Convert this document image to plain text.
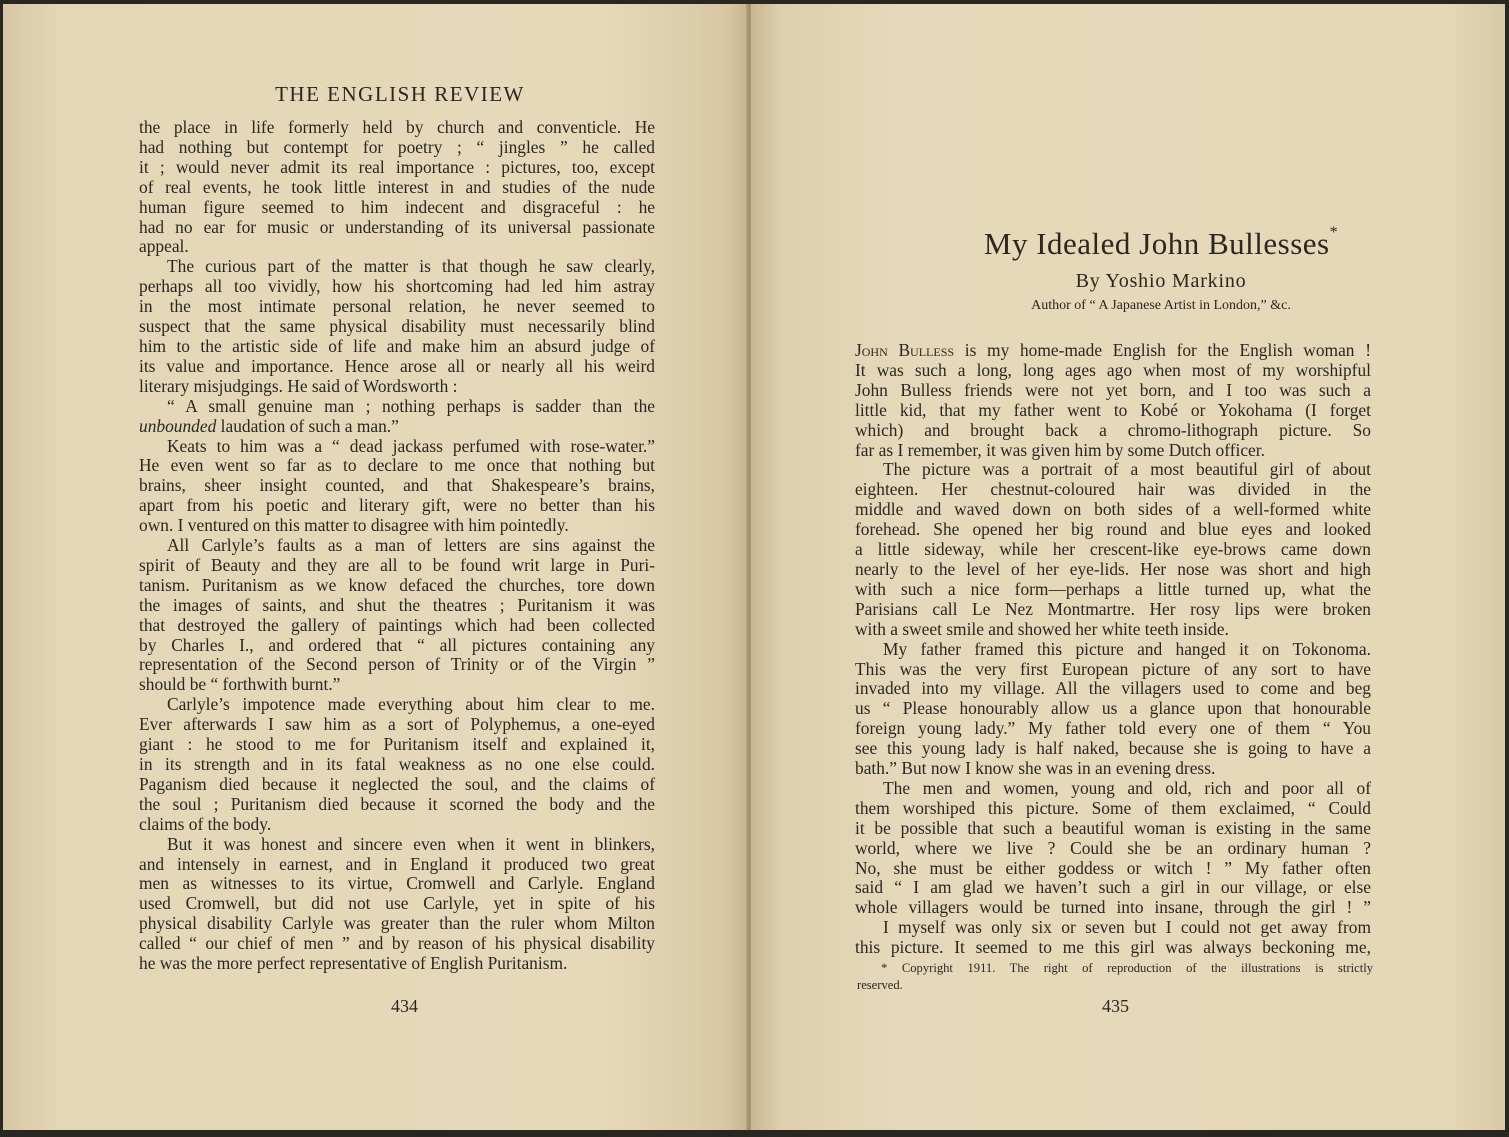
THE ENGLISH REVIEW
the place in life formerly held by church and conventicle. He
had nothing but contempt for poetry ; “ jingles ” he called
it ; would never admit its real importance : pictures, too, except
of real events, he took little interest in and studies of the nude
human figure seemed to him indecent and disgraceful : he
had no ear for music or understanding of its universal passionate
appeal.
The curious part of the matter is that though he saw clearly,
perhaps all too vividly, how his shortcoming had led him astray
in the most intimate personal relation, he never seemed to
suspect that the same physical disability must necessarily blind
him to the artistic side of life and make him an absurd judge of
its value and importance. Hence arose all or nearly all his weird
literary misjudgings. He said of Wordsworth :
“ A small genuine man ; nothing perhaps is sadder than the
unbounded laudation of such a man.”
Keats to him was a “ dead jackass perfumed with rose-water.”
He even went so far as to declare to me once that nothing but
brains, sheer insight counted, and that Shakespeare’s brains,
apart from his poetic and literary gift, were no better than his
own. I ventured on this matter to disagree with him pointedly.
All Carlyle’s faults as a man of letters are sins against the
spirit of Beauty and they are all to be found writ large in Puri-
tanism. Puritanism as we know defaced the churches, tore down
the images of saints, and shut the theatres ; Puritanism it was
that destroyed the gallery of paintings which had been collected
by Charles I., and ordered that “ all pictures containing any
representation of the Second person of Trinity or of the Virgin ”
should be “ forthwith burnt.”
Carlyle’s impotence made everything about him clear to me.
Ever afterwards I saw him as a sort of Polyphemus, a one-eyed
giant : he stood to me for Puritanism itself and explained it,
in its strength and in its fatal weakness as no one else could.
Paganism died because it neglected the soul, and the claims of
the soul ; Puritanism died because it scorned the body and the
claims of the body.
But it was honest and sincere even when it went in blinkers,
and intensely in earnest, and in England it produced two great
men as witnesses to its virtue, Cromwell and Carlyle. England
used Cromwell, but did not use Carlyle, yet in spite of his
physical disability Carlyle was greater than the ruler whom Milton
called “ our chief of men ” and by reason of his physical disability
he was the more perfect representative of English Puritanism.
434
My Idealed John Bullesses*
By Yoshio Markino
Author of “ A Japanese Artist in London,” &c.
John Bulless is my home-made English for the English woman !
It was such a long, long ages ago when most of my worshipful
John Bulless friends were not yet born, and I too was such a
little kid, that my father went to Kobé or Yokohama (I forget
which) and brought back a chromo-lithograph picture. So
far as I remember, it was given him by some Dutch officer.
The picture was a portrait of a most beautiful girl of about
eighteen. Her chestnut-coloured hair was divided in the
middle and waved down on both sides of a well-formed white
forehead. She opened her big round and blue eyes and looked
a little sideway, while her crescent-like eye-brows came down
nearly to the level of her eye-lids. Her nose was short and high
with such a nice form—perhaps a little turned up, what the
Parisians call Le Nez Montmartre. Her rosy lips were broken
with a sweet smile and showed her white teeth inside.
My father framed this picture and hanged it on Tokonoma.
This was the very first European picture of any sort to have
invaded into my village. All the villagers used to come and beg
us “ Please honourably allow us a glance upon that honourable
foreign young lady.” My father told every one of them “ You
see this young lady is half naked, because she is going to have a
bath.” But now I know she was in an evening dress.
The men and women, young and old, rich and poor all of
them worshiped this picture. Some of them exclaimed, “ Could
it be possible that such a beautiful woman is existing in the same
world, where we live ? Could she be an ordinary human ?
No, she must be either goddess or witch ! ” My father often
said “ I am glad we haven’t such a girl in our village, or else
whole villagers would be turned into insane, through the girl ! ”
I myself was only six or seven but I could not get away from
this picture. It seemed to me this girl was always beckoning me,
* Copyright 1911. The right of reproduction of the illustrations is strictly
reserved.
435
